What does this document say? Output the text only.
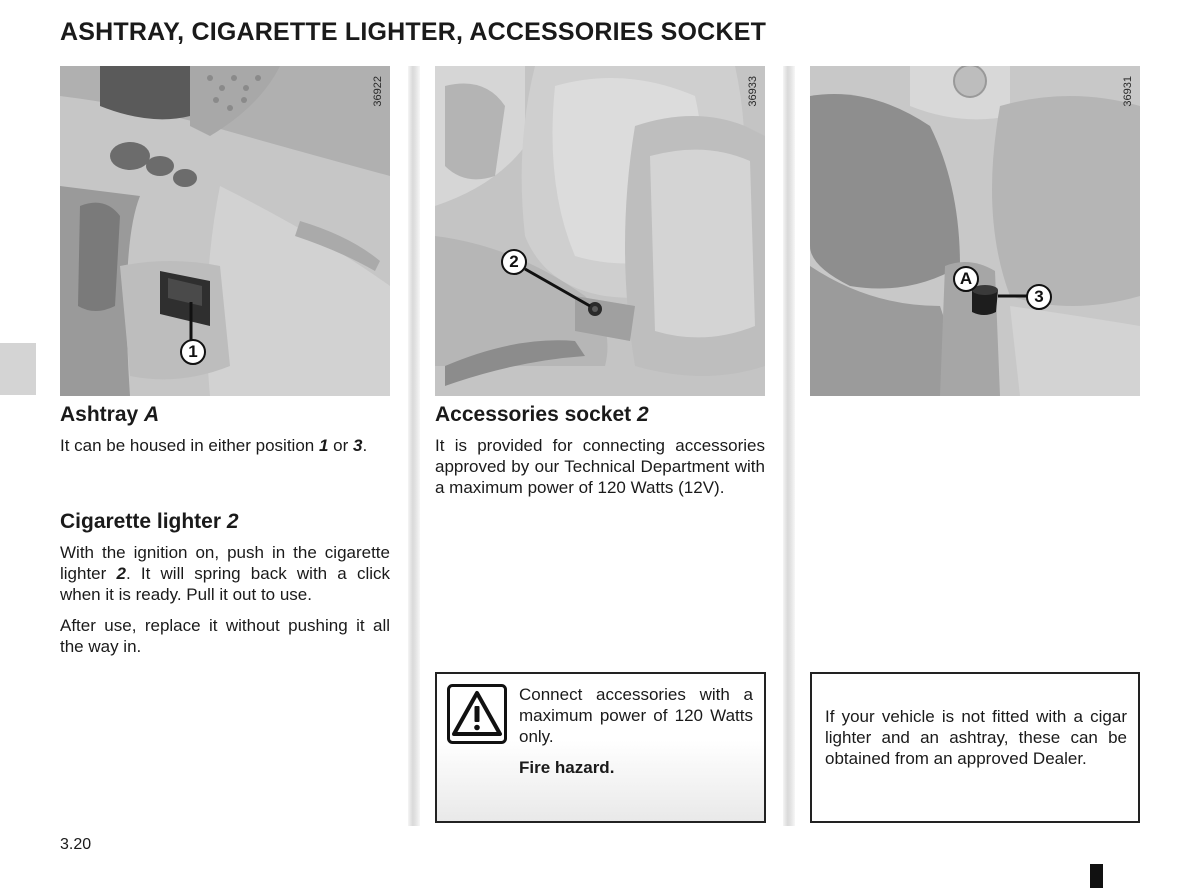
ASHTRAY, CIGARETTE LIGHTER, ACCESSORIES SOCKET
36922
1
36933
2
36931
A
3
Ashtray A

It can be housed in either position 1 or 3.

Cigarette lighter 2

With the ignition on, push in the cigarette lighter 2. It will spring back with a click when it is ready. Pull it out to use.

After use, replace it without pushing it all the way in.

Accessories socket 2

It is provided for connecting accessories approved by our Technical Department with a maximum power of 120 Watts (12V).

Connect accessories with a maximum power of 120 Watts only.

Fire hazard.

If your vehicle is not fitted with a cigar lighter and an ashtray, these can be obtained from an approved Dealer.

3.20
